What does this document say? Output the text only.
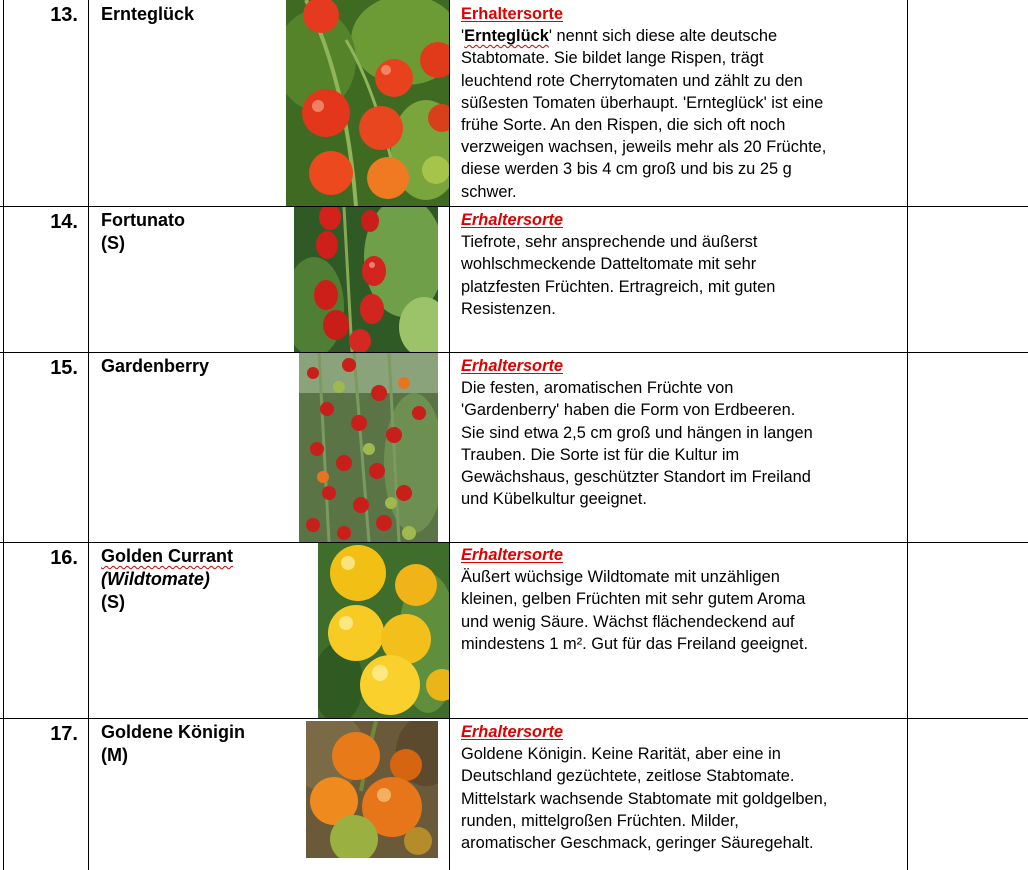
13. Ernteglück	Erhaltersorte
'Ernteglück' nennt sich diese alte deutsche
Stabtomate. Sie bildet lange Rispen, trägt
leuchtend rote Cherrytomaten und zählt zu den
süßesten Tomaten überhaupt. 'Ernteglück' ist eine
frühe Sorte. An den Rispen, die sich oft noch
verzweigen wachsen, jeweils mehr als 20 Früchte,
diese werden 3 bis 4 cm groß und bis zu 25 g
schwer.
14. Fortunato
(S)
Erhaltersorte
Tiefrote, sehr ansprechende und äußerst
wohlschmeckende Datteltomate mit sehr
platzfesten Früchten. Ertragreich, mit guten
Resistenzen.
15. Gardenberry	Erhaltersorte
Die festen, aromatischen Früchte von
'Gardenberry' haben die Form von Erdbeeren.
Sie sind etwa 2,5 cm groß und hängen in langen
Trauben. Die Sorte ist für die Kultur im
Gewächshaus, geschützter Standort im Freiland
und Kübelkultur geeignet.
16. Golden Currant
(Wildtomate)
(S)
Erhaltersorte
Äußert wüchsige Wildtomate mit unzähligen
kleinen, gelben Früchten mit sehr gutem Aroma
und wenig Säure. Wächst flächendeckend auf
mindestens 1 m². Gut für das Freiland geeignet.
17. Goldene Königin
(M)
Erhaltersorte
Goldene Königin. Keine Rarität, aber eine in
Deutschland gezüchtete, zeitlose Stabtomate.
Mittelstark wachsende Stabtomate mit goldgelben,
runden, mittelgroßen Früchten. Milder,
aromatischer Geschmack, geringer Säuregehalt.
